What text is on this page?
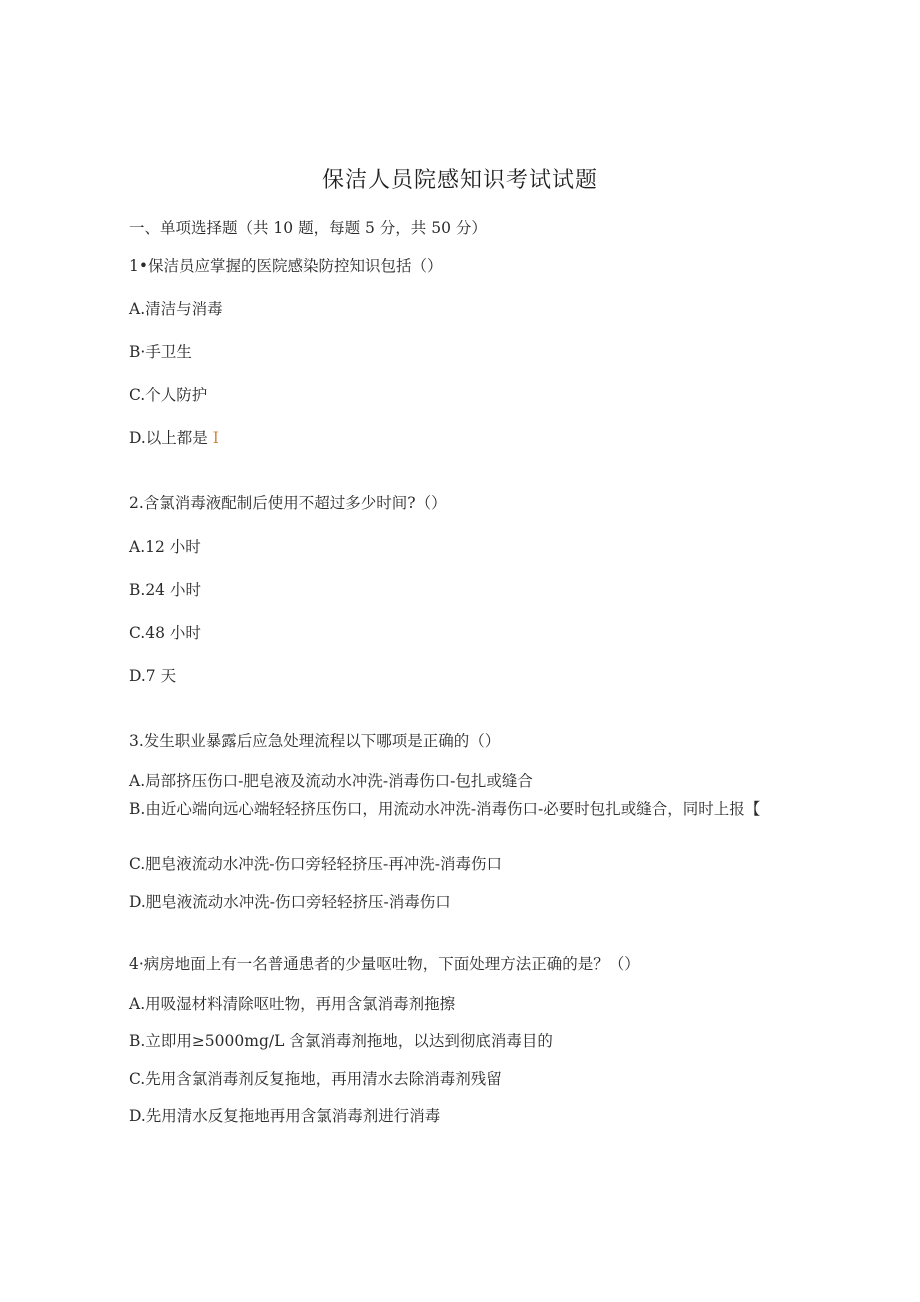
保洁人员院感知识考试试题
一、单项选择题（共 10 题，每题 5 分，共 50 分）
1•保洁员应掌握的医院感染防控知识包括（）
A.清洁与消毒
B·手卫生
C.个人防护
D.以上都是 I
2.含氯消毒液配制后使用不超过多少时间?（）
A.12 小时
B.24 小时
C.48 小时
D.7 天
3.发生职业暴露后应急处理流程以下哪项是正确的（）
A.局部挤压伤口-肥皂液及流动水冲洗-消毒伤口-包扎或缝合
B.由近心端向远心端轻轻挤压伤口，用流动水冲洗-消毒伤口-必要时包扎或缝合，同时上报【
C.肥皂液流动水冲洗-伤口旁轻轻挤压-再冲洗-消毒伤口
D.肥皂液流动水冲洗-伤口旁轻轻挤压-消毒伤口
4·病房地面上有一名普通患者的少量呕吐物，下面处理方法正确的是？（）
A.用吸湿材料清除呕吐物，再用含氯消毒剂拖擦
B.立即用≥5000mg∕L 含氯消毒剂拖地，以达到彻底消毒目的
C.先用含氯消毒剂反复拖地，再用清水去除消毒剂残留
D.先用清水反复拖地再用含氯消毒剂进行消毒
